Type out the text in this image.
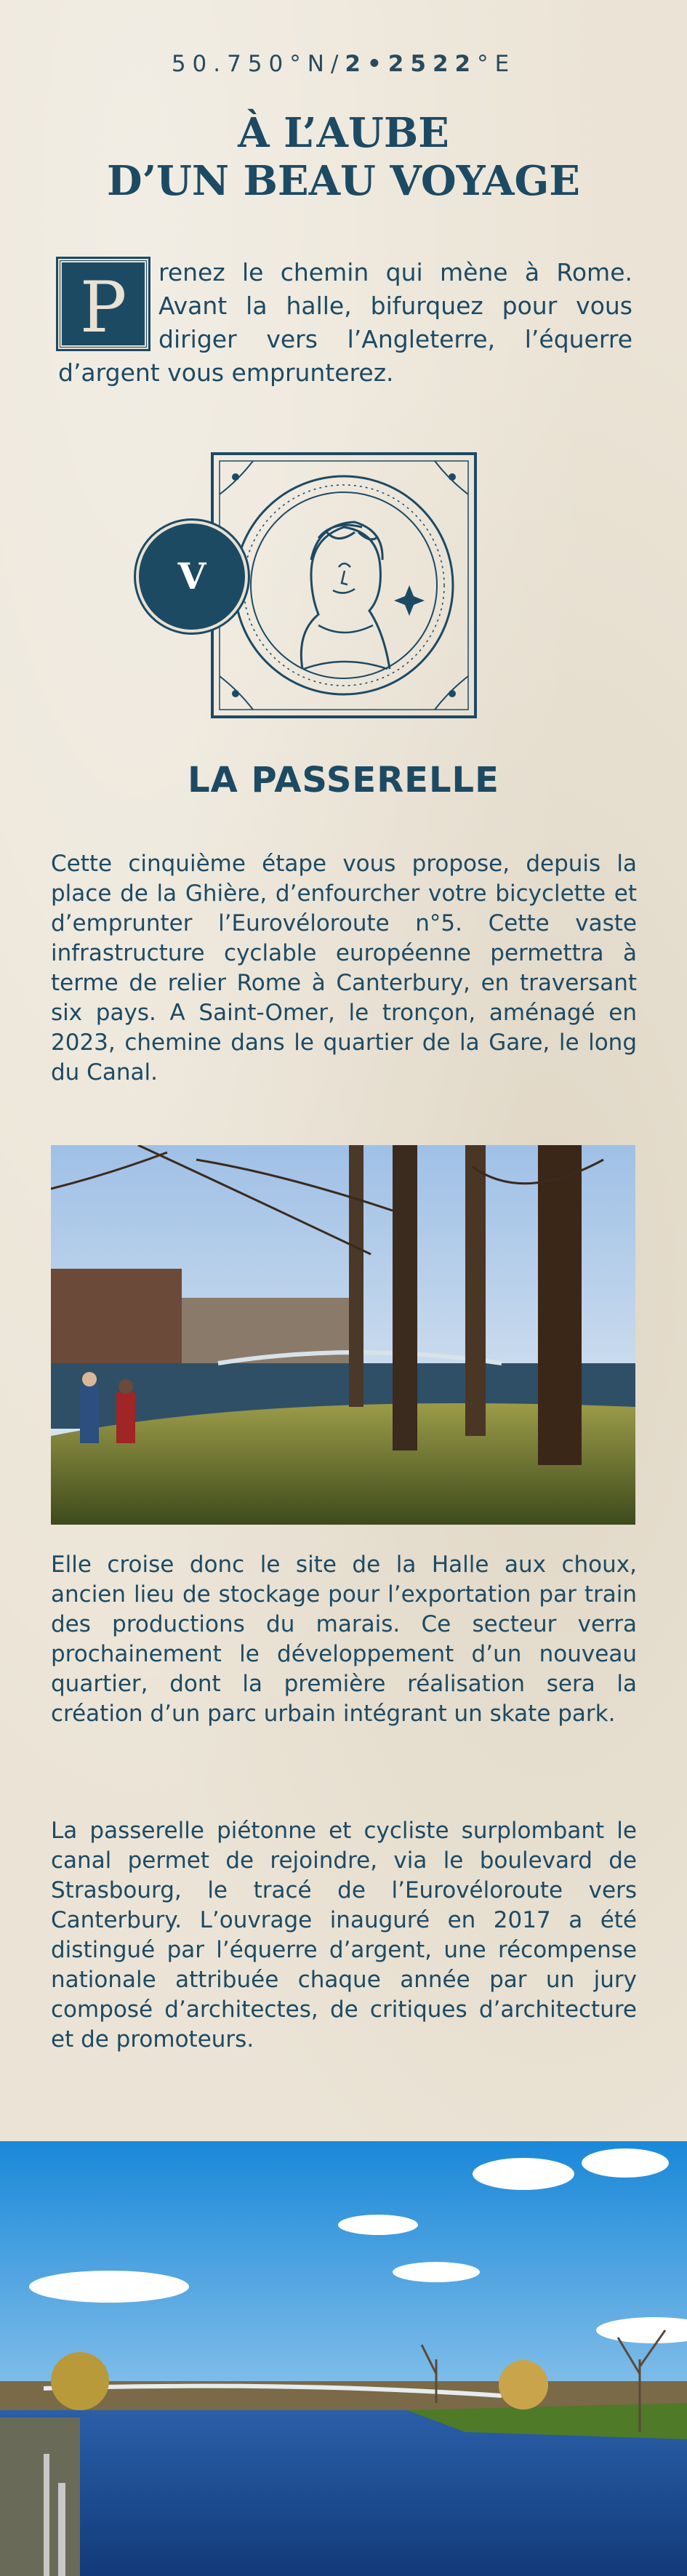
50.750°N/2•2522°E
À L’AUBE
D’UN BEAU VOYAGE
P	renez le chemin qui mène à Rome. Avant la halle, bifurquez pour vous diriger vers l’Angleterre, l’équerre d’argent vous emprunterez.
V
LA PASSERELLE
Cette cinquième étape vous propose, depuis la place de la Ghière, d’enfourcher votre bicyclette et d’emprunter l’Eurovéloroute n°5. Cette vaste infrastructure cyclable européenne permettra à terme de relier Rome à Canterbury, en traversant six pays. A Saint-Omer, le tronçon, aménagé en 2023, chemine dans le quartier de la Gare, le long du Canal.
Elle croise donc le site de la Halle aux choux, ancien lieu de stockage pour l’exportation par train des productions du marais. Ce secteur verra prochainement le développement d’un nouveau quartier, dont la première réalisation sera la création d’un parc urbain intégrant un skate park.
La passerelle piétonne et cycliste surplombant le canal permet de rejoindre, via le boulevard de Strasbourg, le tracé de l’Eurovéloroute vers Canterbury. L’ouvrage inauguré en 2017 a été distingué par l’équerre d’argent, une récompense nationale attribuée chaque année par un jury composé d’architectes, de critiques d’architecture et de promoteurs.
